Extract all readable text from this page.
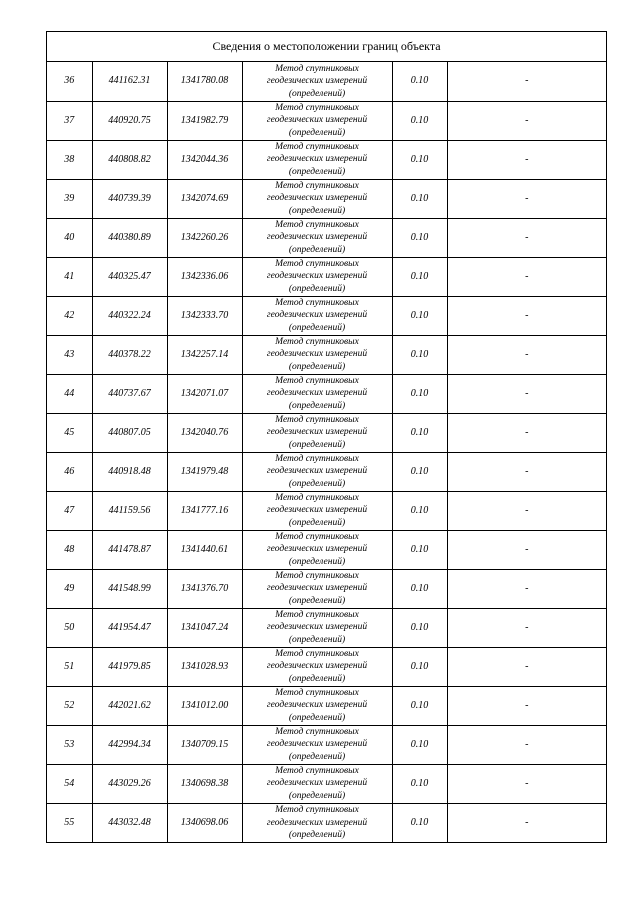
Сведения о местоположении границ объекта
36	441162.31	1341780.08	Метод спутниковых
геодезических измерений
(определений)	0.10	-
37	440920.75	1341982.79	Метод спутниковых
геодезических измерений
(определений)	0.10	-
38	440808.82	1342044.36	Метод спутниковых
геодезических измерений
(определений)	0.10	-
39	440739.39	1342074.69	Метод спутниковых
геодезических измерений
(определений)	0.10	-
40	440380.89	1342260.26	Метод спутниковых
геодезических измерений
(определений)	0.10	-
41	440325.47	1342336.06	Метод спутниковых
геодезических измерений
(определений)	0.10	-
42	440322.24	1342333.70	Метод спутниковых
геодезических измерений
(определений)	0.10	-
43	440378.22	1342257.14	Метод спутниковых
геодезических измерений
(определений)	0.10	-
44	440737.67	1342071.07	Метод спутниковых
геодезических измерений
(определений)	0.10	-
45	440807.05	1342040.76	Метод спутниковых
геодезических измерений
(определений)	0.10	-
46	440918.48	1341979.48	Метод спутниковых
геодезических измерений
(определений)	0.10	-
47	441159.56	1341777.16	Метод спутниковых
геодезических измерений
(определений)	0.10	-
48	441478.87	1341440.61	Метод спутниковых
геодезических измерений
(определений)	0.10	-
49	441548.99	1341376.70	Метод спутниковых
геодезических измерений
(определений)	0.10	-
50	441954.47	1341047.24	Метод спутниковых
геодезических измерений
(определений)	0.10	-
51	441979.85	1341028.93	Метод спутниковых
геодезических измерений
(определений)	0.10	-
52	442021.62	1341012.00	Метод спутниковых
геодезических измерений
(определений)	0.10	-
53	442994.34	1340709.15	Метод спутниковых
геодезических измерений
(определений)	0.10	-
54	443029.26	1340698.38	Метод спутниковых
геодезических измерений
(определений)	0.10	-
55	443032.48	1340698.06	Метод спутниковых
геодезических измерений
(определений)	0.10	-
